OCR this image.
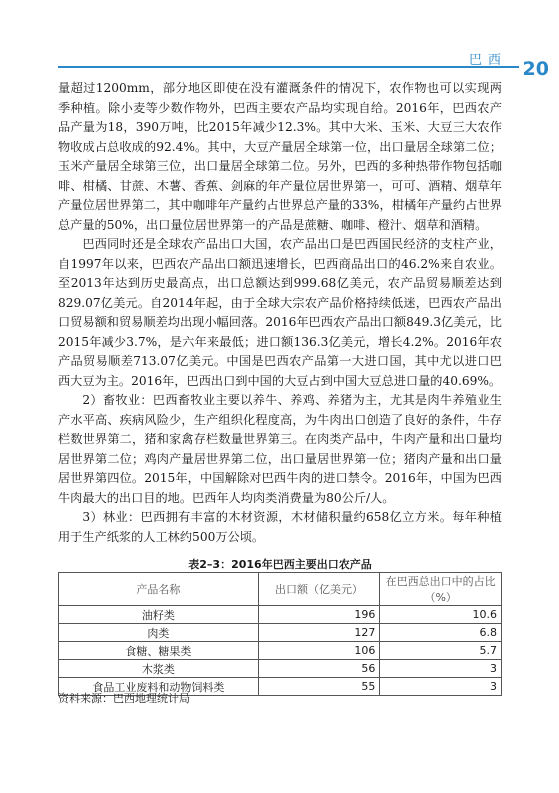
巴西 20

量超过1200mm，部分地区即使在没有灌溉条件的情况下，农作物也可以实现两季种植。除小麦等少数作物外，巴西主要农产品均实现自给。2016年，巴西农产品产量为18，390万吨，比2015年减少12.3%。其中大米、玉米、大豆三大农作物收成占总收成的92.4%。其中，大豆产量居全球第一位，出口量居全球第二位；玉米产量居全球第三位，出口量居全球第二位。另外，巴西的多种热带作物包括咖啡、柑橘、甘蔗、木薯、香蕉、剑麻的年产量位居世界第一，可可、酒精、烟草年产量位居世界第二，其中咖啡年产量约占世界总产量的33%，柑橘年产量约占世界总产量的50%，出口量位居世界第一的产品是蔗糖、咖啡、橙汁、烟草和酒精。

巴西同时还是全球农产品出口大国，农产品出口是巴西国民经济的支柱产业，自1997年以来，巴西农产品出口额迅速增长，巴西商品出口的46.2%来自农业。至2013年达到历史最高点，出口总额达到999.68亿美元，农产品贸易顺差达到829.07亿美元。自2014年起，由于全球大宗农产品价格持续低迷，巴西农产品出口贸易额和贸易顺差均出现小幅回落。2016年巴西农产品出口额849.3亿美元，比2015年减少3.7%，是六年来最低；进口额136.3亿美元，增长4.2%。2016年农产品贸易顺差713.07亿美元。中国是巴西农产品第一大进口国，其中尤以进口巴西大豆为主。2016年，巴西出口到中国的大豆占到中国大豆总进口量的40.69%。

2）畜牧业：巴西畜牧业主要以养牛、养鸡、养猪为主，尤其是肉牛养殖业生产水平高、疾病风险少，生产组织化程度高，为牛肉出口创造了良好的条件，牛存栏数世界第二，猪和家禽存栏数量世界第三。在肉类产品中，牛肉产量和出口量均居世界第二位；鸡肉产量居世界第二位，出口量居世界第一位；猪肉产量和出口量居世界第四位。2015年，中国解除对巴西牛肉的进口禁令。2016年，中国为巴西牛肉最大的出口目的地。巴西年人均肉类消费量为80公斤/人。

3）林业：巴西拥有丰富的木材资源，木材储积量约658亿立方米。每年种植用于生产纸浆的人工林约500万公顷。

表2–3：2016年巴西主要出口农产品
产品名称	出口额（亿美元）	在巴西总出口中的占比（%）
油籽类	196	10.6
肉类	127	6.8
食糖、糖果类	106	5.7
木浆类	56	3
食品工业废料和动物饲料类	55	3
资料来源：巴西地理统计局
